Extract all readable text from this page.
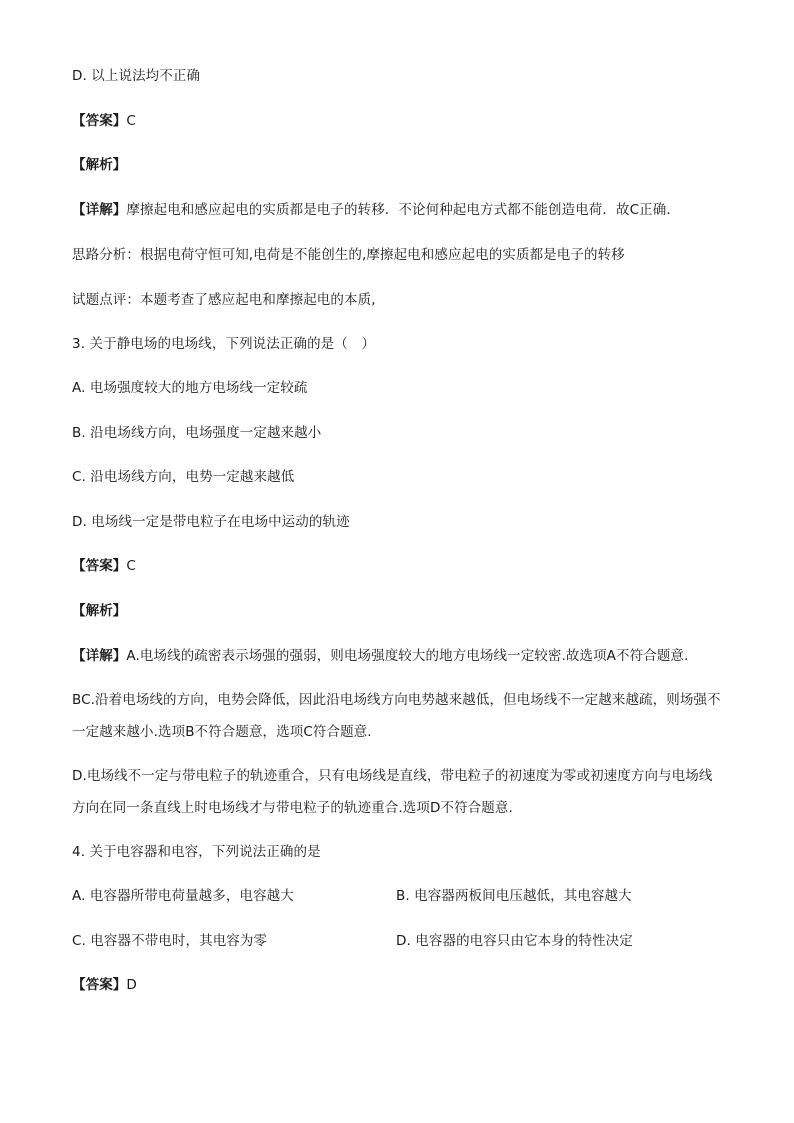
D. 以上说法均不正确
【答案】C
【解析】
【详解】摩擦起电和感应起电的实质都是电子的转移．不论何种起电方式都不能创造电荷．故C正确．
思路分析：根据电荷守恒可知,电荷是不能创生的,摩擦起电和感应起电的实质都是电子的转移
试题点评：本题考查了感应起电和摩擦起电的本质,
3. 关于静电场的电场线，下列说法正确的是（　）
A. 电场强度较大的地方电场线一定较疏
B. 沿电场线方向，电场强度一定越来越小
C. 沿电场线方向，电势一定越来越低
D. 电场线一定是带电粒子在电场中运动的轨迹
【答案】C
【解析】
【详解】A.电场线的疏密表示场强的强弱，则电场强度较大的地方电场线一定较密.故选项A不符合题意.
BC.沿着电场线的方向，电势会降低，因此沿电场线方向电势越来越低，但电场线不一定越来越疏，则场强不一定越来越小.选项B不符合题意，选项C符合题意.
D.电场线不一定与带电粒子的轨迹重合，只有电场线是直线，带电粒子的初速度为零或初速度方向与电场线方向在同一条直线上时电场线才与带电粒子的轨迹重合.选项D不符合题意.
4. 关于电容器和电容，下列说法正确的是
A. 电容器所带电荷量越多，电容越大	B. 电容器两板间电压越低，其电容越大
C. 电容器不带电时，其电容为零	D. 电容器的电容只由它本身的特性决定
【答案】D
